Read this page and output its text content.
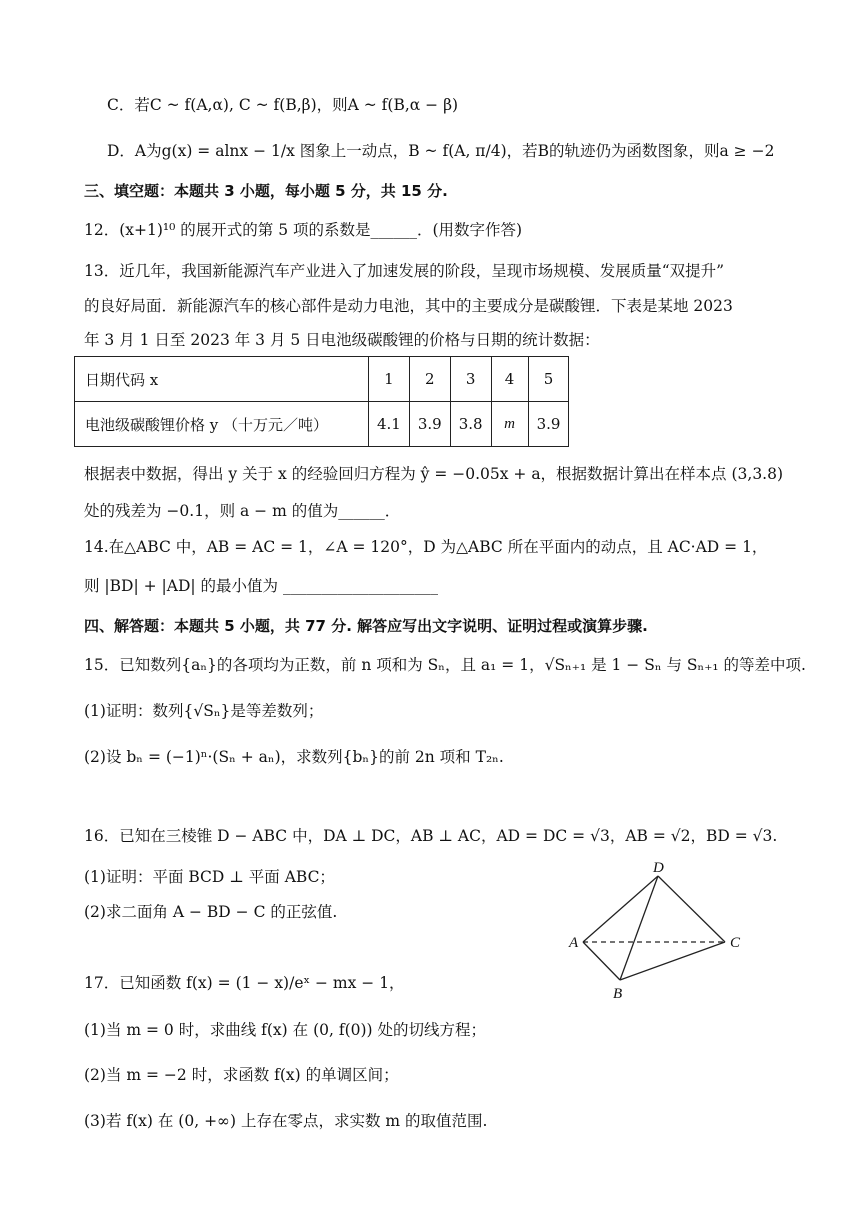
C．若C ~ f(A,α), C ~ f(B,β)，则A ~ f(B,α − β)
D．A为g(x) = alnx − 1/x 图象上一动点，B ~ f(A, π/4)，若B的轨迹仍为函数图象，则a ≥ −2
三、填空题：本题共 3 小题，每小题 5 分，共 15 分.
12．(x+1)¹⁰ 的展开式的第 5 项的系数是______．(用数字作答)
13．近几年，我国新能源汽车产业进入了加速发展的阶段，呈现市场规模、发展质量“双提升”
的良好局面．新能源汽车的核心部件是动力电池，其中的主要成分是碳酸锂．下表是某地 2023
年 3 月 1 日至 2023 年 3 月 5 日电池级碳酸锂的价格与日期的统计数据：
日期代码 x	1	2	3	4	5
电池级碳酸锂价格 y （十万元／吨）	4.1	3.9	3.8	m	3.9
根据表中数据，得出 y 关于 x 的经验回归方程为 ŷ = −0.05x + a，根据数据计算出在样本点 (3,3.8)
处的残差为 −0.1，则 a − m 的值为______．
14.在△ABC 中，AB = AC = 1，∠A = 120°，D 为△ABC 所在平面内的动点，且 AC·AD = 1，
则 |BD| + |AD| 的最小值为 ____________________
四、解答题：本题共 5 小题，共 77 分. 解答应写出文字说明、证明过程或演算步骤.
15．已知数列{aₙ}的各项均为正数，前 n 项和为 Sₙ，且 a₁ = 1，√Sₙ₊₁ 是 1 − Sₙ 与 Sₙ₊₁ 的等差中项.
(1)证明：数列{√Sₙ}是等差数列；
(2)设 bₙ = (−1)ⁿ·(Sₙ + aₙ)，求数列{bₙ}的前 2n 项和 T₂ₙ.
16．已知在三棱锥 D − ABC 中，DA ⊥ DC，AB ⊥ AC，AD = DC = √3，AB = √2，BD = √3.
(1)证明：平面 BCD ⊥ 平面 ABC；
(2)求二面角 A − BD − C 的正弦值.
D
A	C
B
17．已知函数 f(x) = (1 − x)/eˣ − mx − 1，
(1)当 m = 0 时，求曲线 f(x) 在 (0, f(0)) 处的切线方程；
(2)当 m = −2 时，求函数 f(x) 的单调区间；
(3)若 f(x) 在 (0, +∞) 上存在零点，求实数 m 的取值范围.
